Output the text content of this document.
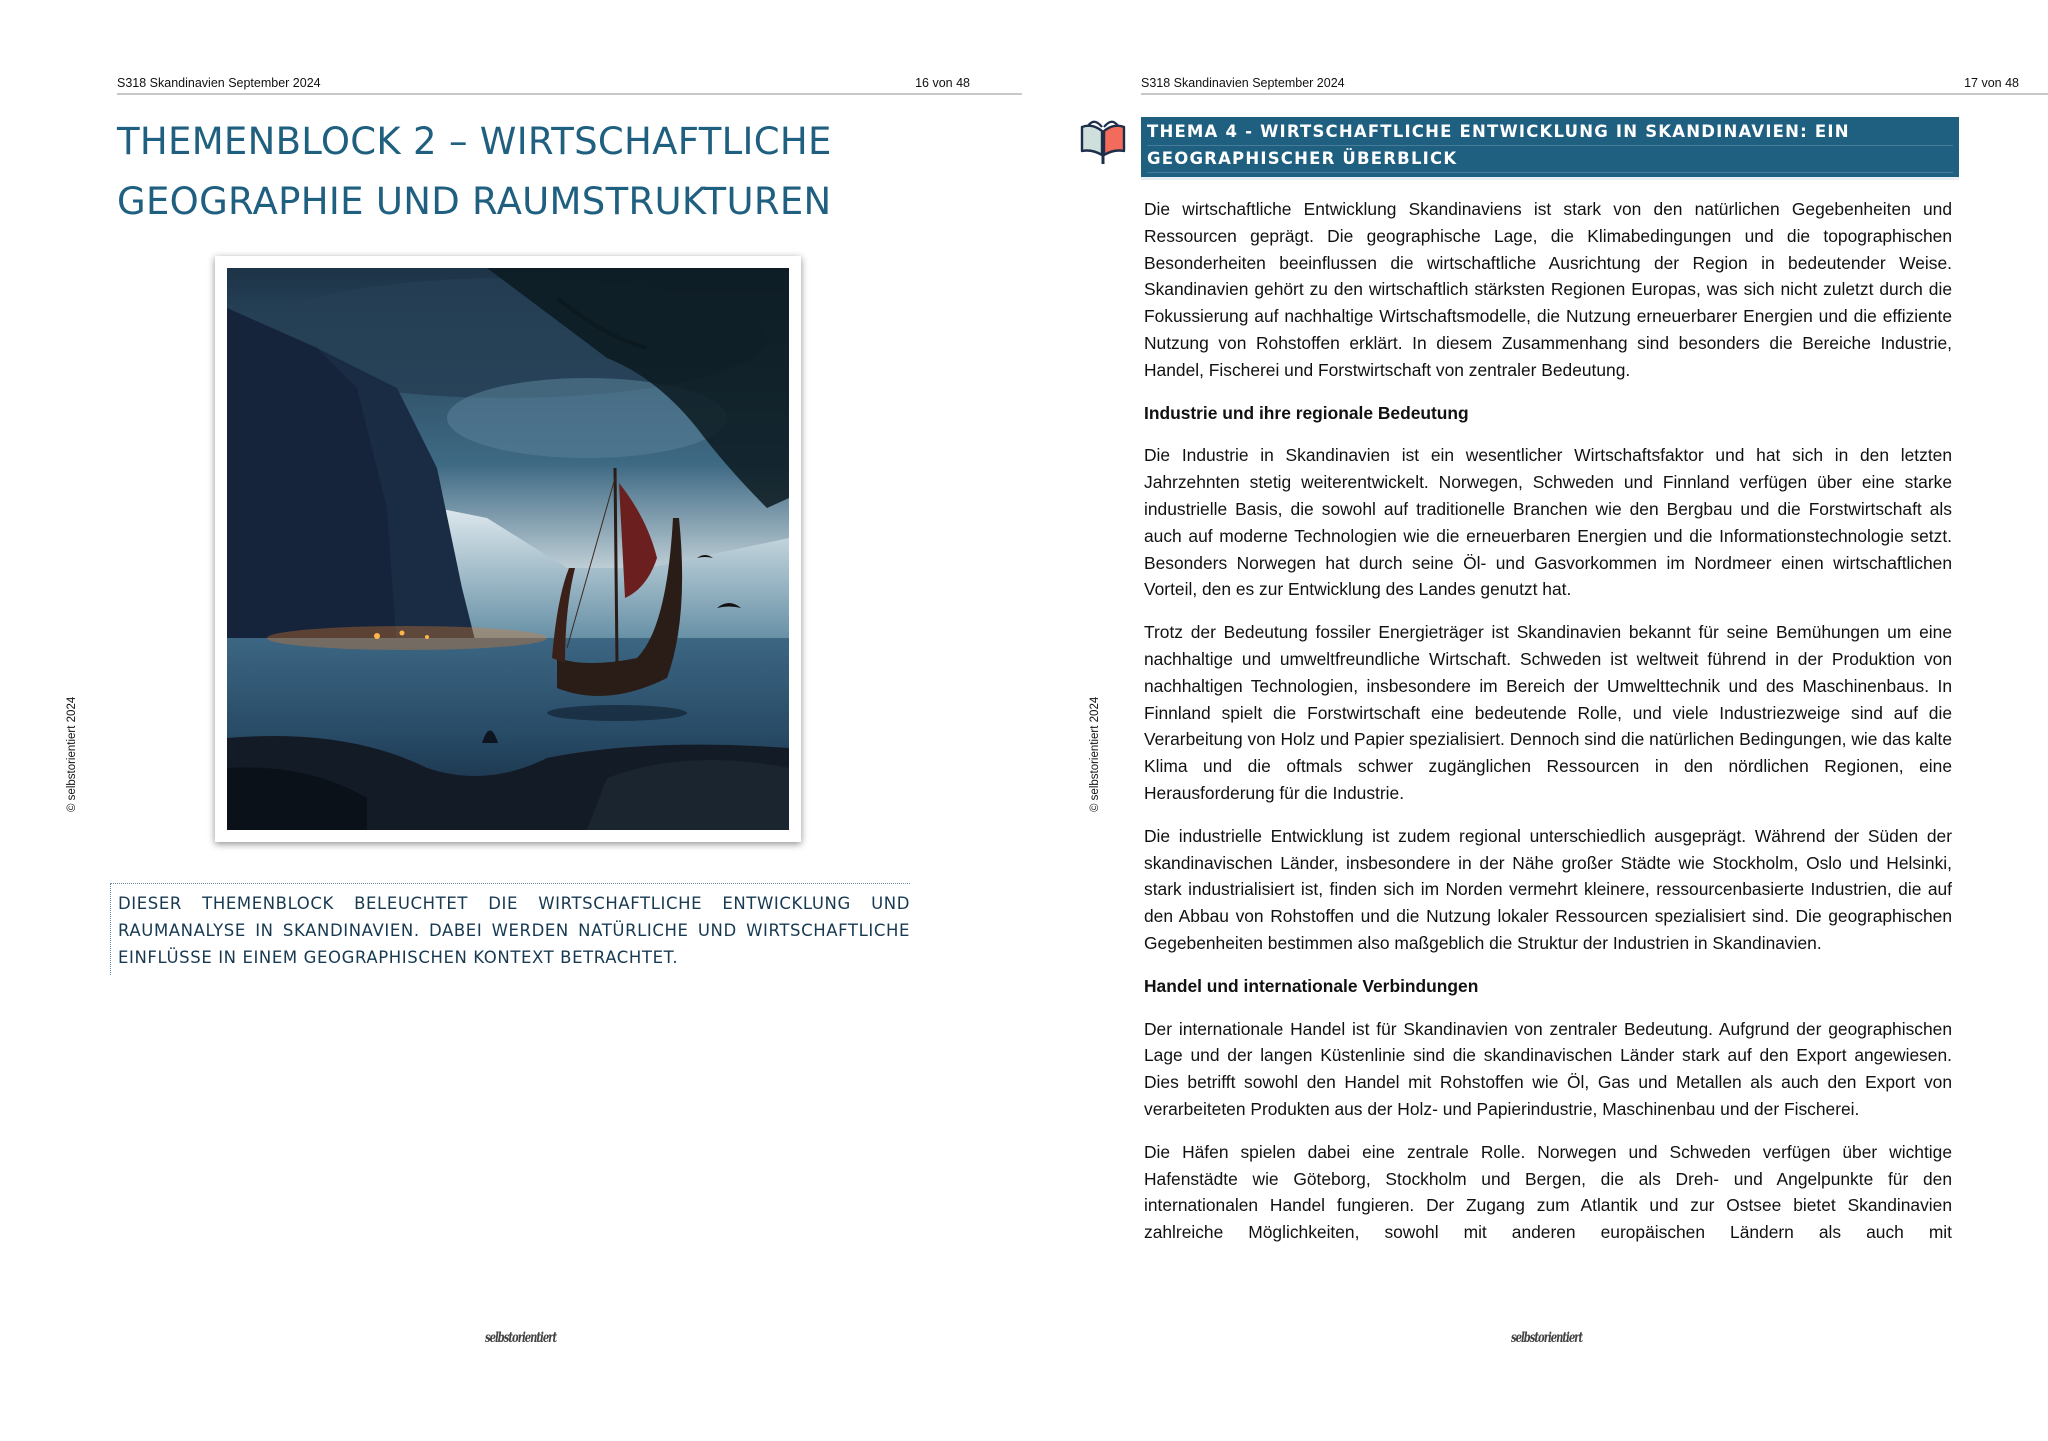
S318 Skandinavien September 2024	16 von 48
THEMENBLOCK 2 – WIRTSCHAFTLICHE GEOGRAPHIE UND RAUMSTRUKTUREN

DIESER THEMENBLOCK BELEUCHTET DIE WIRTSCHAFTLICHE ENTWICKLUNG UND RAUMANALYSE IN SKANDINAVIEN. DABEI WERDEN NATÜRLICHE UND WIRTSCHAFTLICHE EINFLÜSSE IN EINEM GEOGRAPHISCHEN KONTEXT BETRACHTET.

© selbstorientiert 2024
selbstorientiert
S318 Skandinavien September 2024	17 von 48
THEMA 4 - WIRTSCHAFTLICHE ENTWICKLUNG IN SKANDINAVIEN: EIN
GEOGRAPHISCHER ÜBERBLICK

Die wirtschaftliche Entwicklung Skandinaviens ist stark von den natürlichen Gegebenheiten und Ressourcen geprägt. Die geographische Lage, die Klimabedingungen und die topographischen Besonderheiten beeinflussen die wirtschaftliche Ausrichtung der Region in bedeutender Weise. Skandinavien gehört zu den wirtschaftlich stärksten Regionen Europas, was sich nicht zuletzt durch die Fokussierung auf nachhaltige Wirtschaftsmodelle, die Nutzung erneuerbarer Energien und die effiziente Nutzung von Rohstoffen erklärt. In diesem Zusammenhang sind besonders die Bereiche Industrie, Handel, Fischerei und Forstwirtschaft von zentraler Bedeutung.

Industrie und ihre regionale Bedeutung

Die Industrie in Skandinavien ist ein wesentlicher Wirtschaftsfaktor und hat sich in den letzten Jahrzehnten stetig weiterentwickelt. Norwegen, Schweden und Finnland verfügen über eine starke industrielle Basis, die sowohl auf traditionelle Branchen wie den Bergbau und die Forstwirtschaft als auch auf moderne Technologien wie die erneuerbaren Energien und die Informationstechnologie setzt. Besonders Norwegen hat durch seine Öl- und Gasvorkommen im Nordmeer einen wirtschaftlichen Vorteil, den es zur Entwicklung des Landes genutzt hat.

Trotz der Bedeutung fossiler Energieträger ist Skandinavien bekannt für seine Bemühungen um eine nachhaltige und umweltfreundliche Wirtschaft. Schweden ist weltweit führend in der Produktion von nachhaltigen Technologien, insbesondere im Bereich der Umwelttechnik und des Maschinenbaus. In Finnland spielt die Forstwirtschaft eine bedeutende Rolle, und viele Industriezweige sind auf die Verarbeitung von Holz und Papier spezialisiert. Dennoch sind die natürlichen Bedingungen, wie das kalte Klima und die oftmals schwer zugänglichen Ressourcen in den nördlichen Regionen, eine Herausforderung für die Industrie.

Die industrielle Entwicklung ist zudem regional unterschiedlich ausgeprägt. Während der Süden der skandinavischen Länder, insbesondere in der Nähe großer Städte wie Stockholm, Oslo und Helsinki, stark industrialisiert ist, finden sich im Norden vermehrt kleinere, ressourcenbasierte Industrien, die auf den Abbau von Rohstoffen und die Nutzung lokaler Ressourcen spezialisiert sind. Die geographischen Gegebenheiten bestimmen also maßgeblich die Struktur der Industrien in Skandinavien.

Handel und internationale Verbindungen

Der internationale Handel ist für Skandinavien von zentraler Bedeutung. Aufgrund der geographischen Lage und der langen Küstenlinie sind die skandinavischen Länder stark auf den Export angewiesen. Dies betrifft sowohl den Handel mit Rohstoffen wie Öl, Gas und Metallen als auch den Export von verarbeiteten Produkten aus der Holz- und Papierindustrie, Maschinenbau und der Fischerei.

Die Häfen spielen dabei eine zentrale Rolle. Norwegen und Schweden verfügen über wichtige Hafenstädte wie Göteborg, Stockholm und Bergen, die als Dreh- und Angelpunkte für den internationalen Handel fungieren. Der Zugang zum Atlantik und zur Ostsee bietet Skandinavien zahlreiche Möglichkeiten, sowohl mit anderen europäischen Ländern als auch mit

© selbstorientiert 2024
selbstorientiert
